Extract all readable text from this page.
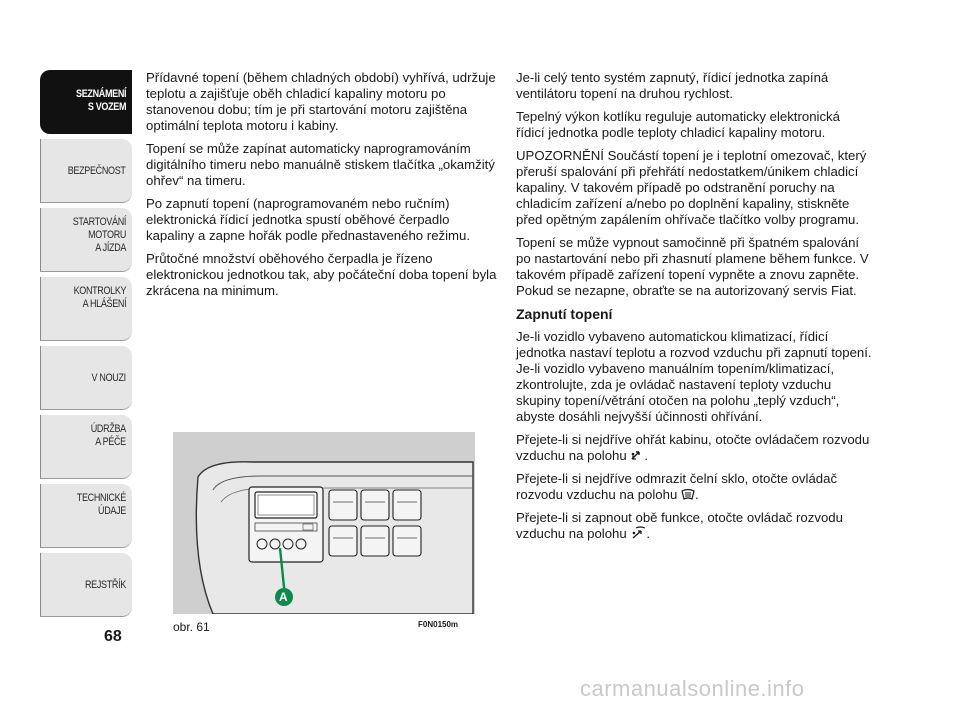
SEZNÁMENÍ
S VOZEM
BEZPEČNOST
STARTOVÁNÍ
MOTORU
A JÍZDA
KONTROLKY
A HLÁŠENÍ
V NOUZI
ÚDRŽBA
A PÉČE
TECHNICKÉ
ÚDAJE
REJSTŘÍK
68

Přídavné topení (během chladných období) vyhřívá, udržuje teplotu a zajišťuje oběh chladicí kapaliny motoru po stanovenou dobu; tím je při startování motoru zajištěna optimální teplota motoru i kabiny.

Topení se může zapínat automaticky naprogramováním digitálního timeru nebo manuálně stiskem tlačítka „okamžitý ohřev“ na timeru.

Po zapnutí topení (naprogramovaném nebo ručním) elektronická řídicí jednotka spustí oběhové čerpadlo kapaliny a zapne hořák podle přednastaveného režimu.

Průtočné množství oběhového čerpadla je řízeno elektronickou jednotkou tak, aby počáteční doba topení byla zkrácena na minimum.

Je-li celý tento systém zapnutý, řídicí jednotka zapíná ventilátoru topení na druhou rychlost.

Tepelný výkon kotlíku reguluje automaticky elektronická řídicí jednotka podle teploty chladicí kapaliny motoru.

UPOZORNĚNÍ Součástí topení je i teplotní omezovač, který přeruší spalování při přehřátí nedostatkem/únikem chladicí kapaliny. V takovém případě po odstranění poruchy na chladicím zařízení a/nebo po doplnění kapaliny, stiskněte před opětným zapálením ohřívače tlačítko volby programu.

Topení se může vypnout samočinně při špatném spalování po nastartování nebo při zhasnutí plamene během funkce. V takovém případě zařízení topení vypněte a znovu zapněte. Pokud se nezapne, obraťte se na autorizovaný servis Fiat.

Zapnutí topení

Je-li vozidlo vybaveno automatickou klimatizací, řídicí jednotka nastaví teplotu a rozvod vzduchu při zapnutí topení. Je-li vozidlo vybaveno manuálním topením/klimatizací, zkontrolujte, zda je ovládač nastavení teploty vzduchu skupiny topení/větrání otočen na polohu „teplý vzduch“, abyste dosáhli nejvyšší účinnosti ohřívání.

Přejete-li si nejdříve ohřát kabinu, otočte ovládačem rozvodu vzduchu na polohu .

Přejete-li si nejdříve odmrazit čelní sklo, otočte ovládač rozvodu vzduchu na polohu .

Přejete-li si zapnout obě funkce, otočte ovládač rozvodu vzduchu na polohu .

A
obr. 61	F0N0150m
carmanualsonline.info
